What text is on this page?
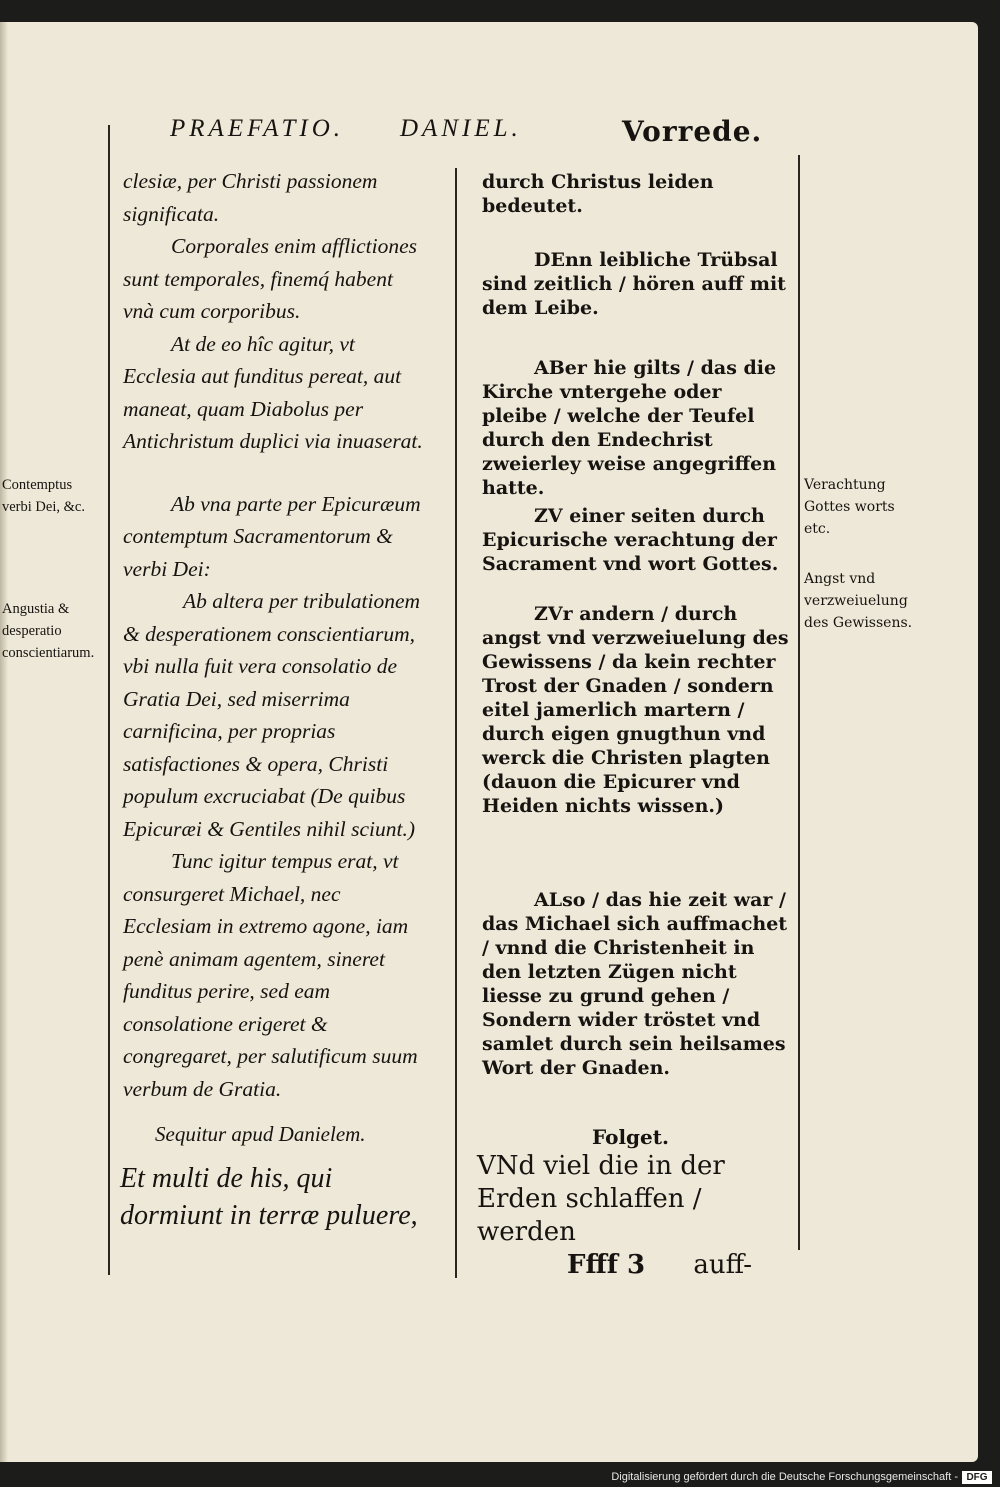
PRAEFATIO. DANIEL.	Vorrede.

clesiæ, per Christi passionem significata.

Corporales enim afflictiones sunt temporales, finemq́ habent vnà cum corporibus.

At de eo hîc agitur, vt Ecclesia aut funditus pereat, aut maneat, quam Diabolus per Antichristum duplici via inuaserat.

Ab vna parte per Epicuræum contemptum Sacramentorum & verbi Dei:

Ab altera per tribulationem & desperationem conscientiarum, vbi nulla fuit vera consolatio de Gratia Dei, sed miserrima carnificina, per proprias satisfactiones & opera, Christi populum excruciabat (De quibus Epicuræi & Gentiles nihil sciunt.)

Tunc igitur tempus erat, vt consurgeret Michael, nec Ecclesiam in extremo agone, iam penè animam agentem, sineret funditus perire, sed eam consolatione erigeret & congregaret, per salutificum suum verbum de Gratia.

durch Christus leiden bedeutet.

DEnn leibliche Trübsal sind zeitlich / hören auff mit dem Leibe.

ABer hie gilts / das die Kirche vntergehe oder pleibe / welche der Teufel durch den Endechrist zweierley weise angegriffen hatte.

ZV einer seiten durch Epicurische verachtung der Sacrament vnd wort Gottes.

ZVr andern / durch angst vnd verzweiuelung des Gewissens / da kein rechter Trost der Gnaden / sondern eitel jamerlich martern / durch eigen gnugthun vnd werck die Christen plagten (dauon die Epicurer vnd Heiden nichts wissen.)

ALso / das hie zeit war / das Michael sich auffmachet / vnnd die Christenheit in den letzten Zügen nicht liesse zu grund gehen / Sondern wider tröstet vnd samlet durch sein heilsames Wort der Gnaden.

Contemptus verbi Dei, &c.
Angustia & desperatio conscientiarum.
Verachtung Gottes worts etc.
Angst vnd verzweiuelung des Gewissens.
Sequitur apud Danielem.
Et multi de his, qui dormiunt in terræ puluere,
Folget.
VNd viel die in der Erden schlaffen / werden
Ffff 3 auff-
Digitalisierung gefördert durch die Deutsche Forschungsgemeinschaft - DFG
